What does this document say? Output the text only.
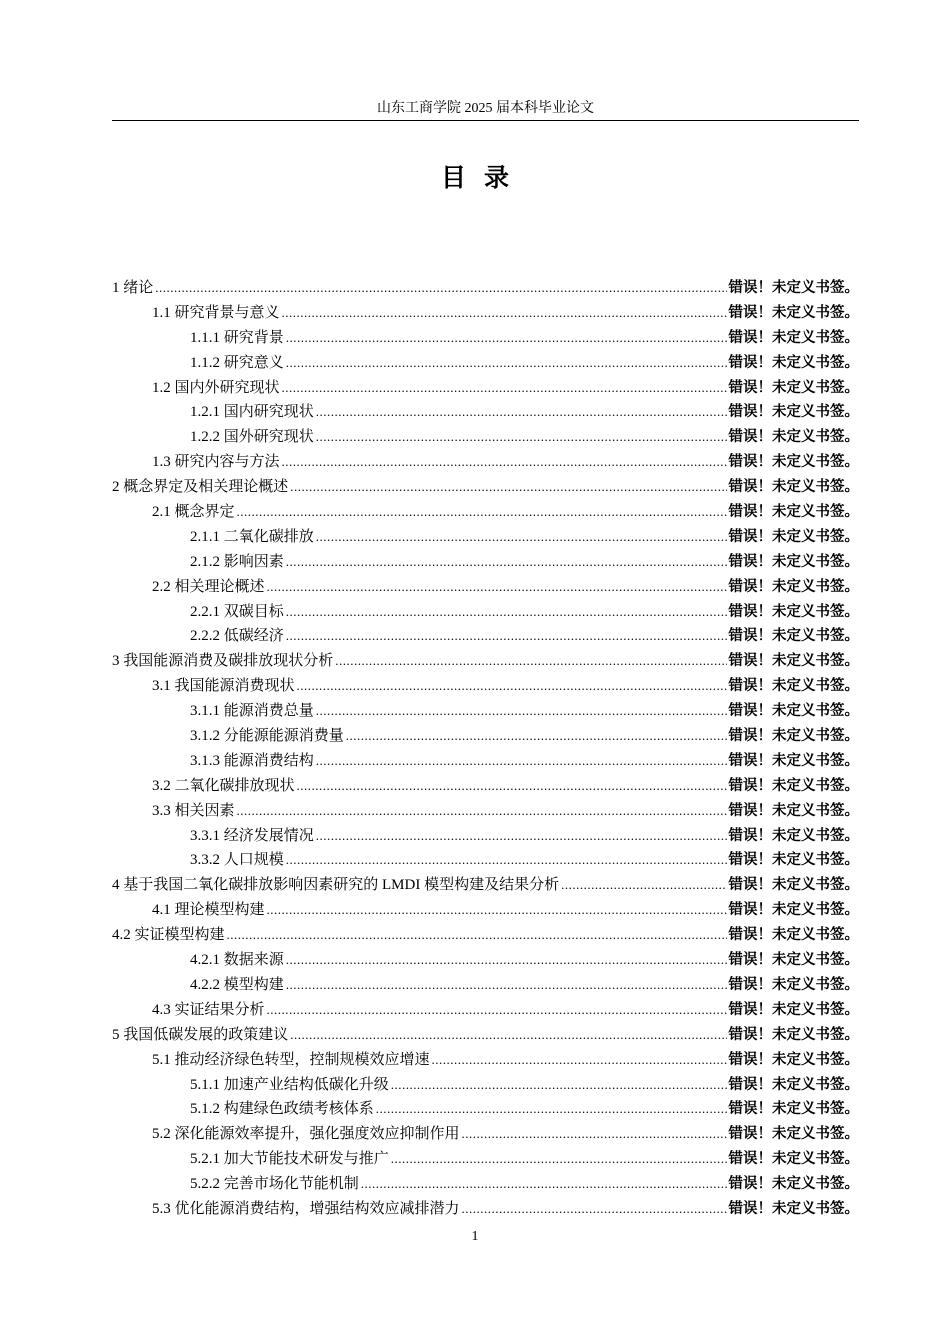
山东工商学院 2025 届本科毕业论文
目录
1 绪论 .....	错误！未定义书签。
1.1 研究背景与意义 .....	错误！未定义书签。
1.1.1 研究背景 .....	错误！未定义书签。
1.1.2 研究意义 .....	错误！未定义书签。
1.2 国内外研究现状 .....	错误！未定义书签。
1.2.1 国内研究现状 .....	错误！未定义书签。
1.2.2 国外研究现状 .....	错误！未定义书签。
1.3 研究内容与方法 .....	错误！未定义书签。
2 概念界定及相关理论概述 .....	错误！未定义书签。
2.1 概念界定 .....	错误！未定义书签。
2.1.1 二氧化碳排放 .....	错误！未定义书签。
2.1.2 影响因素 .....	错误！未定义书签。
2.2 相关理论概述 .....	错误！未定义书签。
2.2.1 双碳目标 .....	错误！未定义书签。
2.2.2 低碳经济 .....	错误！未定义书签。
3 我国能源消费及碳排放现状分析 .....	错误！未定义书签。
3.1 我国能源消费现状 .....	错误！未定义书签。
3.1.1 能源消费总量 .....	错误！未定义书签。
3.1.2 分能源能源消费量 .....	错误！未定义书签。
3.1.3 能源消费结构 .....	错误！未定义书签。
3.2 二氧化碳排放现状 .....	错误！未定义书签。
3.3 相关因素 .....	错误！未定义书签。
3.3.1 经济发展情况 .....	错误！未定义书签。
3.3.2 人口规模 .....	错误！未定义书签。
4 基于我国二氧化碳排放影响因素研究的 LMDI 模型构建及结果分析 .....	错误！未定义书签。
4.1 理论模型构建 .....	错误！未定义书签。
4.2 实证模型构建 .....	错误！未定义书签。
4.2.1 数据来源 .....	错误！未定义书签。
4.2.2 模型构建 .....	错误！未定义书签。
4.3 实证结果分析 .....	错误！未定义书签。
5 我国低碳发展的政策建议 .....	错误！未定义书签。
5.1 推动经济绿色转型，控制规模效应增速 .....	错误！未定义书签。
5.1.1 加速产业结构低碳化升级 .....	错误！未定义书签。
5.1.2 构建绿色政绩考核体系 .....	错误！未定义书签。
5.2 深化能源效率提升，强化强度效应抑制作用 .....	错误！未定义书签。
5.2.1 加大节能技术研发与推广 .....	错误！未定义书签。
5.2.2 完善市场化节能机制 .....	错误！未定义书签。
5.3 优化能源消费结构，增强结构效应减排潜力 .....	错误！未定义书签。
1
